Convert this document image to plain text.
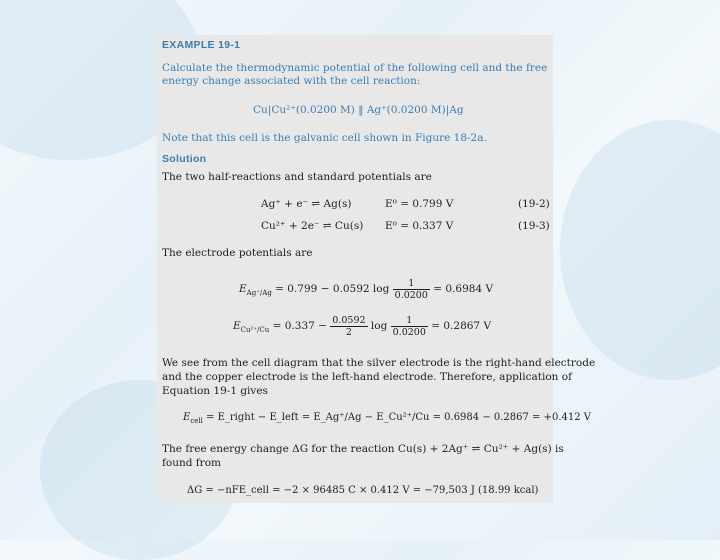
EXAMPLE 19-1
Calculate the thermodynamic potential of the following cell and the free
energy change associated with the cell reaction:
Cu|Cu²⁺(0.0200 M) ‖ Ag⁺(0.0200 M)|Ag
Note that this cell is the galvanic cell shown in Figure 18-2a.
Solution
The two half-reactions and standard potentials are
Ag⁺ + e⁻ ⇌ Ag(s)	E⁰ = 0.799 V	(19-2)
Cu²⁺ + 2e⁻ ⇌ Cu(s) E⁰ = 0.337 V	(19-3)
The electrode potentials are
$E_{Ag^+/Ag} = 0.799 - 0.0592$ $\log \frac{1}{0.0200} = 0.6984$ V
$E_{Cu^{2+}/Cu} = 0.337 - \frac{0.0592}{2}$ $\log \frac{1}{0.0200} = 0.2867$ V
We see from the cell diagram that the silver electrode is the right-hand electrode
and the copper electrode is the left-hand electrode. Therefore, application of
Equation 19-1 gives
$E_{cell}$ = E_right − E_left = E_Ag⁺/Ag − E_Cu²⁺/Cu = 0.6984 − 0.2867 = +0.412 V
The free energy change ΔG for the reaction Cu(s) + 2Ag⁺ ⇌ Cu²⁺ + Ag(s) is
found from
ΔG = −nFE_cell = −2 × 96485 C × 0.412 V = −79,503 J (18.99 kcal)
